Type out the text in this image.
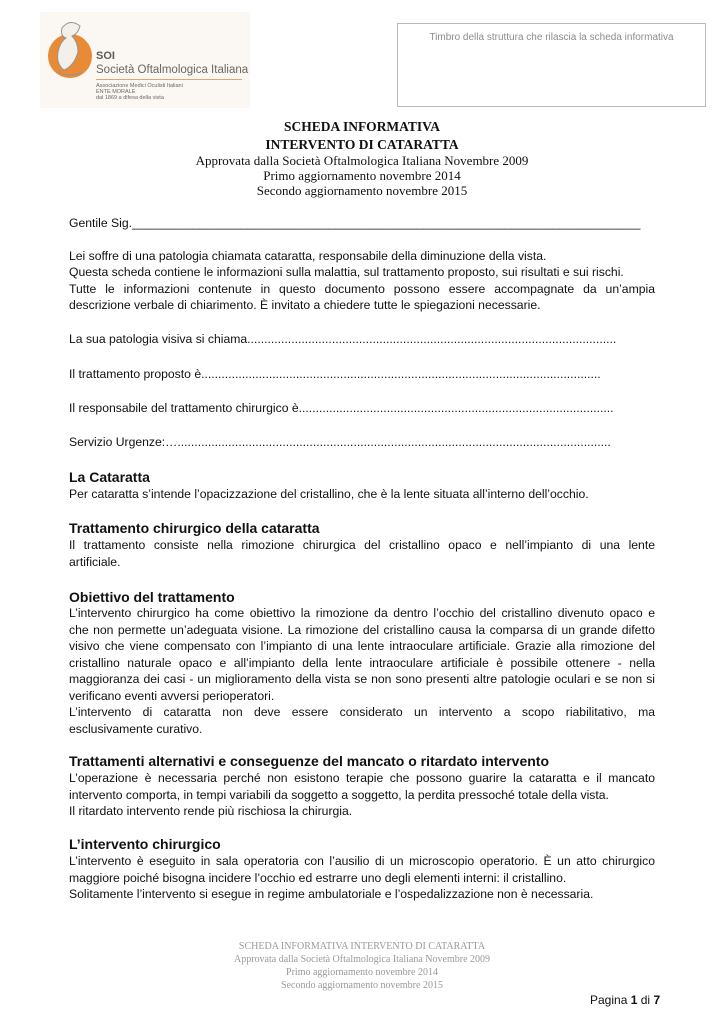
SOI
Società Oftalmologica Italiana
Associazione Medici Oculisti Italiani
ENTE MORALE
dal 1869 a difesa della vista
Timbro della struttura che rilascia la scheda informativa
SCHEDA INFORMATIVA
INTERVENTO DI CATARATTA
Approvata dalla Società Oftalmologica Italiana Novembre 2009
Primo aggiornamento novembre 2014
Secondo aggiornamento novembre 2015
Gentile Sig.___________________________________________________________________________
Lei soffre di una patologia chiamata cataratta, responsabile della diminuzione della vista.
Questa scheda contiene le informazioni sulla malattia, sul trattamento proposto, sui risultati e sui rischi.
Tutte le informazioni contenute in questo documento possono essere accompagnate da un’ampia
descrizione verbale di chiarimento. È invitato a chiedere tutte le spiegazioni necessarie.
La sua patologia visiva si chiama.............................................................................................................
Il trattamento proposto è......................................................................................................................
Il responsabile del trattamento chirurgico è.............................................................................................
Servizio Urgenze:…................................................................................................................................
La Cataratta
Per cataratta s’intende l’opacizzazione del cristallino, che è la lente situata all’interno dell’occhio.
Trattamento chirurgico della cataratta
Il trattamento consiste nella rimozione chirurgica del cristallino opaco e nell’impianto di una lente
artificiale.
Obiettivo del trattamento
L’intervento chirurgico ha come obiettivo la rimozione da dentro l’occhio del cristallino divenuto opaco e
che non permette un’adeguata visione. La rimozione del cristallino causa la comparsa di un grande difetto
visivo che viene compensato con l’impianto di una lente intraoculare artificiale. Grazie alla rimozione del
cristallino naturale opaco e all’impianto della lente intraoculare artificiale è possibile ottenere - nella
maggioranza dei casi - un miglioramento della vista se non sono presenti altre patologie oculari e se non si
verificano eventi avversi perioperatori.
L’intervento di cataratta non deve essere considerato un intervento a scopo riabilitativo, ma
esclusivamente curativo.
Trattamenti alternativi e conseguenze del mancato o ritardato intervento
L’operazione è necessaria perché non esistono terapie che possono guarire la cataratta e il mancato
intervento comporta, in tempi variabili da soggetto a soggetto, la perdita pressoché totale della vista.
Il ritardato intervento rende più rischiosa la chirurgia.
L’intervento chirurgico
L’intervento è eseguito in sala operatoria con l’ausilio di un microscopio operatorio. È un atto chirurgico
maggiore poiché bisogna incidere l’occhio ed estrarre uno degli elementi interni: il cristallino.
Solitamente l’intervento si esegue in regime ambulatoriale e l’ospedalizzazione non è necessaria.
SCHEDA INFORMATIVA INTERVENTO DI CATARATTA
Approvata dalla Società Oftalmologica Italiana Novembre 2009
Primo aggiornamento novembre 2014
Secondo aggiornamento novembre 2015
Pagina 1 di 7
